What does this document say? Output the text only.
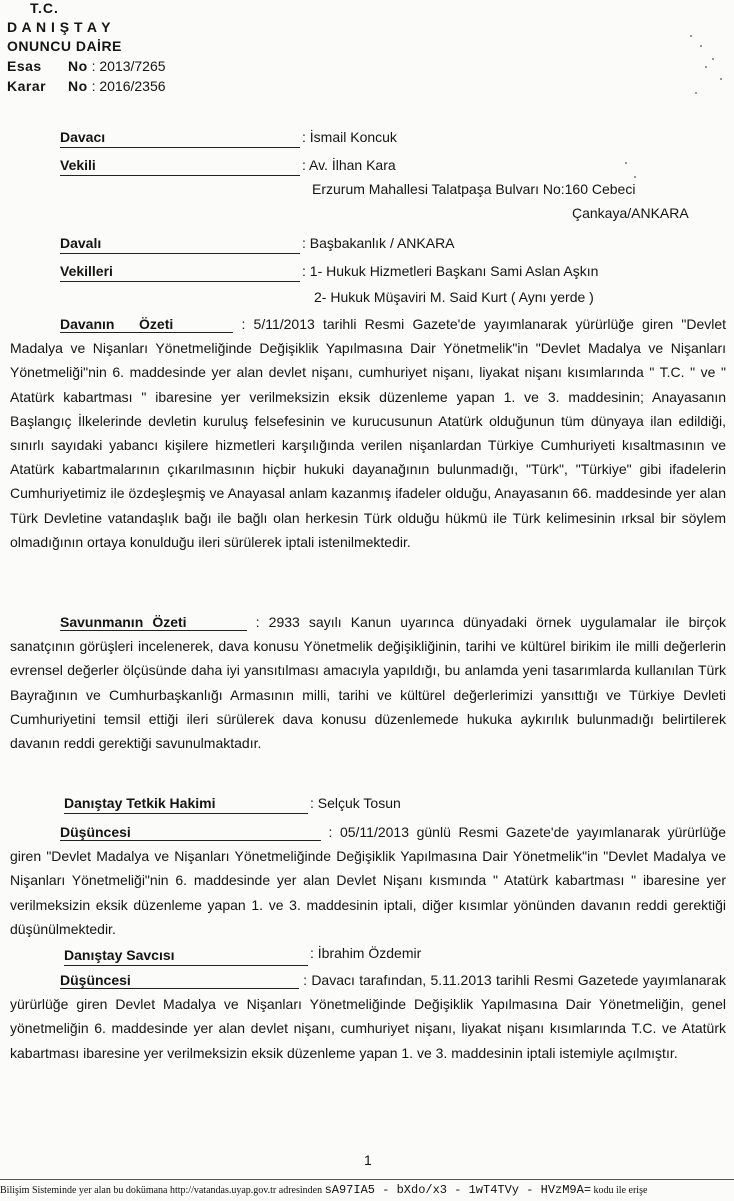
T.C.
D A N I Ş T A Y
ONUNCU DAİRE
Esas No : 2013/7265
Karar No : 2016/2356
Davacı	: İsmail Koncuk
Vekili	: Av. İlhan Kara
Erzurum Mahallesi Talatpaşa Bulvarı No:160 Cebeci
Çankaya/ANKARA
Davalı	: Başbakanlık / ANKARA
Vekilleri	: 1- Hukuk Hizmetleri Başkanı Sami Aslan Aşkın
2- Hukuk Müşaviri M. Said Kurt ( Aynı yerde )
Davanın   Özeti	: 5/11/2013 tarihli Resmi Gazete'de yayımlanarak yürürlüğe giren "Devlet Madalya ve Nişanları Yönetmeliğinde Değişiklik Yapılmasına Dair Yönetmelik"in "Devlet Madalya ve Nişanları Yönetmeliği"nin 6. maddesinde yer alan devlet nişanı, cumhuriyet nişanı, liyakat nişanı kısımlarında " T.C. " ve " Atatürk kabartması " ibaresine yer verilmeksizin eksik düzenleme yapan 1. ve 3. maddesinin; Anayasanın Başlangıç İlkelerinde devletin kuruluş felsefesinin ve kurucusunun Atatürk olduğunun tüm dünyaya ilan edildiği, sınırlı sayıdaki yabancı kişilere hizmetleri karşılığında verilen nişanlardan Türkiye Cumhuriyeti kısaltmasının ve Atatürk kabartmalarının çıkarılmasının hiçbir hukuki dayanağının bulunmadığı, "Türk", "Türkiye" gibi ifadelerin Cumhuriyetimiz ile özdeşleşmiş ve Anayasal anlam kazanmış ifadeler olduğu, Anayasanın 66. maddesinde yer alan Türk Devletine vatandaşlık bağı ile bağlı olan herkesin Türk olduğu hükmü ile Türk kelimesinin ırksal bir söylem olmadığının ortaya konulduğu ileri sürülerek iptali istenilmektedir.
Savunmanın Özeti	: 2933 sayılı Kanun uyarınca dünyadaki örnek uygulamalar ile birçok sanatçının görüşleri incelenerek, dava konusu Yönetmelik değişikliğinin, tarihi ve kültürel birikim ile milli değerlerin evrensel değerler ölçüsünde daha iyi yansıtılması amacıyla yapıldığı, bu anlamda yeni tasarımlarda kullanılan Türk Bayrağının ve Cumhurbaşkanlığı Armasının milli, tarihi ve kültürel değerlerimizi yansıttığı ve Türkiye Devleti Cumhuriyetini temsil ettiği ileri sürülerek dava konusu düzenlemede hukuka aykırılık bulunmadığı belirtilerek davanın reddi gerektiği savunulmaktadır.
Danıştay Tetkik Hakimi	: Selçuk Tosun
Düşüncesi	: 05/11/2013 günlü Resmi Gazete'de yayımlanarak yürürlüğe giren "Devlet Madalya ve Nişanları Yönetmeliğinde Değişiklik Yapılmasına Dair Yönetmelik"in "Devlet Madalya ve Nişanları Yönetmeliği"nin 6. maddesinde yer alan Devlet Nişanı kısmında " Atatürk kabartması " ibaresine yer verilmeksizin eksik düzenleme yapan 1. ve 3. maddesinin iptali, diğer kısımlar yönünden davanın reddi gerektiği düşünülmektedir.
Danıştay Savcısı	: İbrahim Özdemir
Düşüncesi	: Davacı tarafından, 5.11.2013 tarihli Resmi Gazetede yayımlanarak yürürlüğe giren Devlet Madalya ve Nişanları Yönetmeliğinde Değişiklik Yapılmasına Dair Yönetmeliğin, genel yönetmeliğin 6. maddesinde yer alan devlet nişanı, cumhuriyet nişanı, liyakat nişanı kısımlarında T.C. ve Atatürk kabartması ibaresine yer verilmeksizin eksik düzenleme yapan 1. ve 3. maddesinin iptali istemiyle açılmıştır.
1
Bilişim Sisteminde yer alan bu dokümana http://vatandas.uyap.gov.tr adresinden sA97IA5 - bXdo/x3 - 1wT4TVy - HVzM9A= kodu ile erişe
